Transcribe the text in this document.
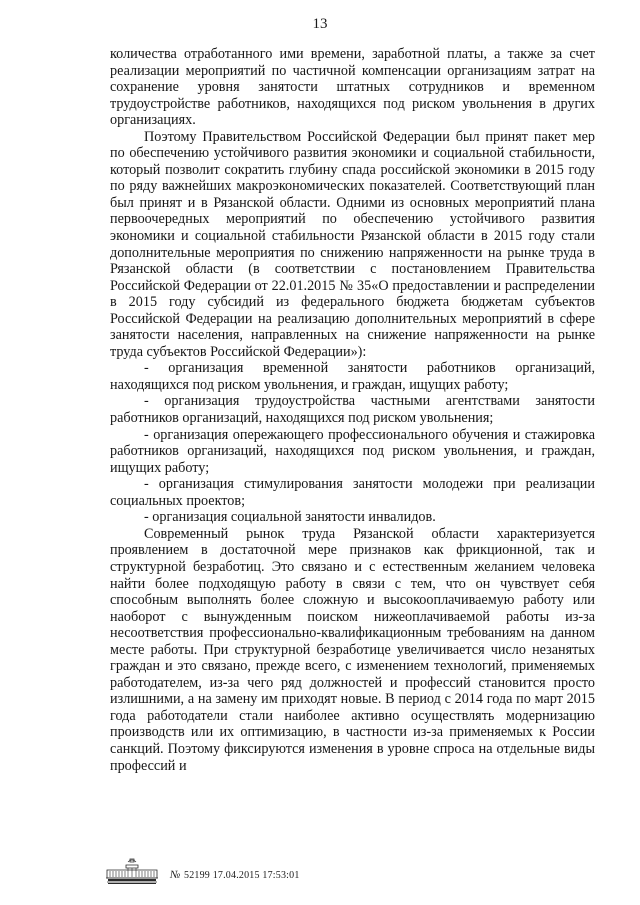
13

количества отработанного ими времени, заработной платы, а также за счет реализации мероприятий по частичной компенсации организациям затрат на сохранение уровня занятости штатных сотрудников и временном трудоустройстве работников, находящихся под риском увольнения в других организациях.

Поэтому Правительством Российской Федерации был принят пакет мер по обеспечению устойчивого развития экономики и социальной стабильности, который позволит сократить глубину спада российской экономики в 2015 году по ряду важнейших макроэкономических показателей. Соответствующий план был принят и в Рязанской области. Одними из основных мероприятий плана первоочередных мероприятий по обеспечению устойчивого развития экономики и социальной стабильности Рязанской области в 2015 году стали дополнительные мероприятия по снижению напряженности на рынке труда в Рязанской области (в соответствии с постановлением Правительства Российской Федерации от 22.01.2015 № 35«О предоставлении и распределении в 2015 году субсидий из федерального бюджета бюджетам субъектов Российской Федерации на реализацию дополнительных мероприятий в сфере занятости населения, направленных на снижение напряженности на рынке труда субъектов Российской Федерации»):

- организация временной занятости работников организаций, находящихся под риском увольнения, и граждан, ищущих работу;

- организация трудоустройства частными агентствами занятости работников организаций, находящихся под риском увольнения;

- организация опережающего профессионального обучения и стажировка работников организаций, находящихся под риском увольнения, и граждан, ищущих работу;

- организация стимулирования занятости молодежи при реализации социальных проектов;

- организация социальной занятости инвалидов.

Современный рынок труда Рязанской области характеризуется проявлением в достаточной мере признаков как фрикционной, так и структурной безработиц. Это связано и с естественным желанием человека найти более подходящую работу в связи с тем, что он чувствует себя способным выполнять более сложную и высокооплачиваемую работу или наоборот с вынужденным поиском нижеоплачиваемой работы из-за несоответствия профессионально-квалификационным требованиям на данном месте работы. При структурной безработице увеличивается число незанятых граждан и это связано, прежде всего, с изменением технологий, применяемых работодателем, из-за чего ряд должностей и профессий становится просто излишними, а на замену им приходят новые. В период с 2014 года по март 2015 года работодатели стали наиболее активно осуществлять модернизацию производств или их оптимизацию, в частности из-за применяемых к России санкций. Поэтому фиксируются изменения в уровне спроса на отдельные виды профессий и

№ 52199 17.04.2015 17:53:01
